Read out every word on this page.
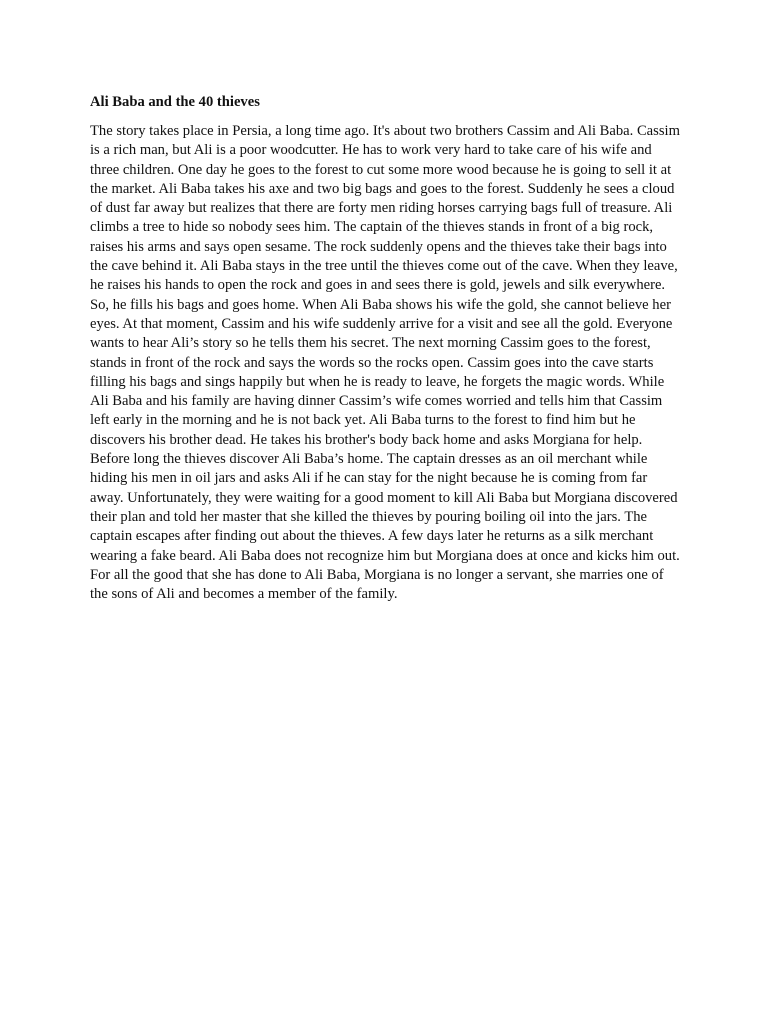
Ali Baba and the 40 thieves

The story takes place in Persia, a long time ago. It's about two brothers Cassim and Ali Baba. Cassim is a rich man, but Ali is a poor woodcutter. He has to work very hard to take care of his wife and three children. One day he goes to the forest to cut some more wood because he is going to sell it at the market. Ali Baba takes his axe and two big bags and goes to the forest. Suddenly he sees a cloud of dust far away but realizes that there are forty men riding horses carrying bags full of treasure. Ali climbs a tree to hide so nobody sees him. The captain of the thieves stands in front of a big rock, raises his arms and says open sesame. The rock suddenly opens and the thieves take their bags into the cave behind it. Ali Baba stays in the tree until the thieves come out of the cave. When they leave, he raises his hands to open the rock and goes in and sees there is gold, jewels and silk everywhere. So, he fills his bags and goes home. When Ali Baba shows his wife the gold, she cannot believe her eyes. At that moment, Cassim and his wife suddenly arrive for a visit and see all the gold. Everyone wants to hear Ali’s story so he tells them his secret. The next morning Cassim goes to the forest, stands in front of the rock and says the words so the rocks open. Cassim goes into the cave starts filling his bags and sings happily but when he is ready to leave, he forgets the magic words. While Ali Baba and his family are having dinner Cassim’s wife comes worried and tells him that Cassim left early in the morning and he is not back yet. Ali Baba turns to the forest to find him but he discovers his brother dead. He takes his brother's body back home and asks Morgiana for help. Before long the thieves discover Ali Baba’s home. The captain dresses as an oil merchant while hiding his men in oil jars and asks Ali if he can stay for the night because he is coming from far away. Unfortunately, they were waiting for a good moment to kill Ali Baba but Morgiana discovered their plan and told her master that she killed the thieves by pouring boiling oil into the jars. The captain escapes after finding out about the thieves. A few days later he returns as a silk merchant wearing a fake beard. Ali Baba does not recognize him but Morgiana does at once and kicks him out. For all the good that she has done to Ali Baba, Morgiana is no longer a servant, she marries one of the sons of Ali and becomes a member of the family.
